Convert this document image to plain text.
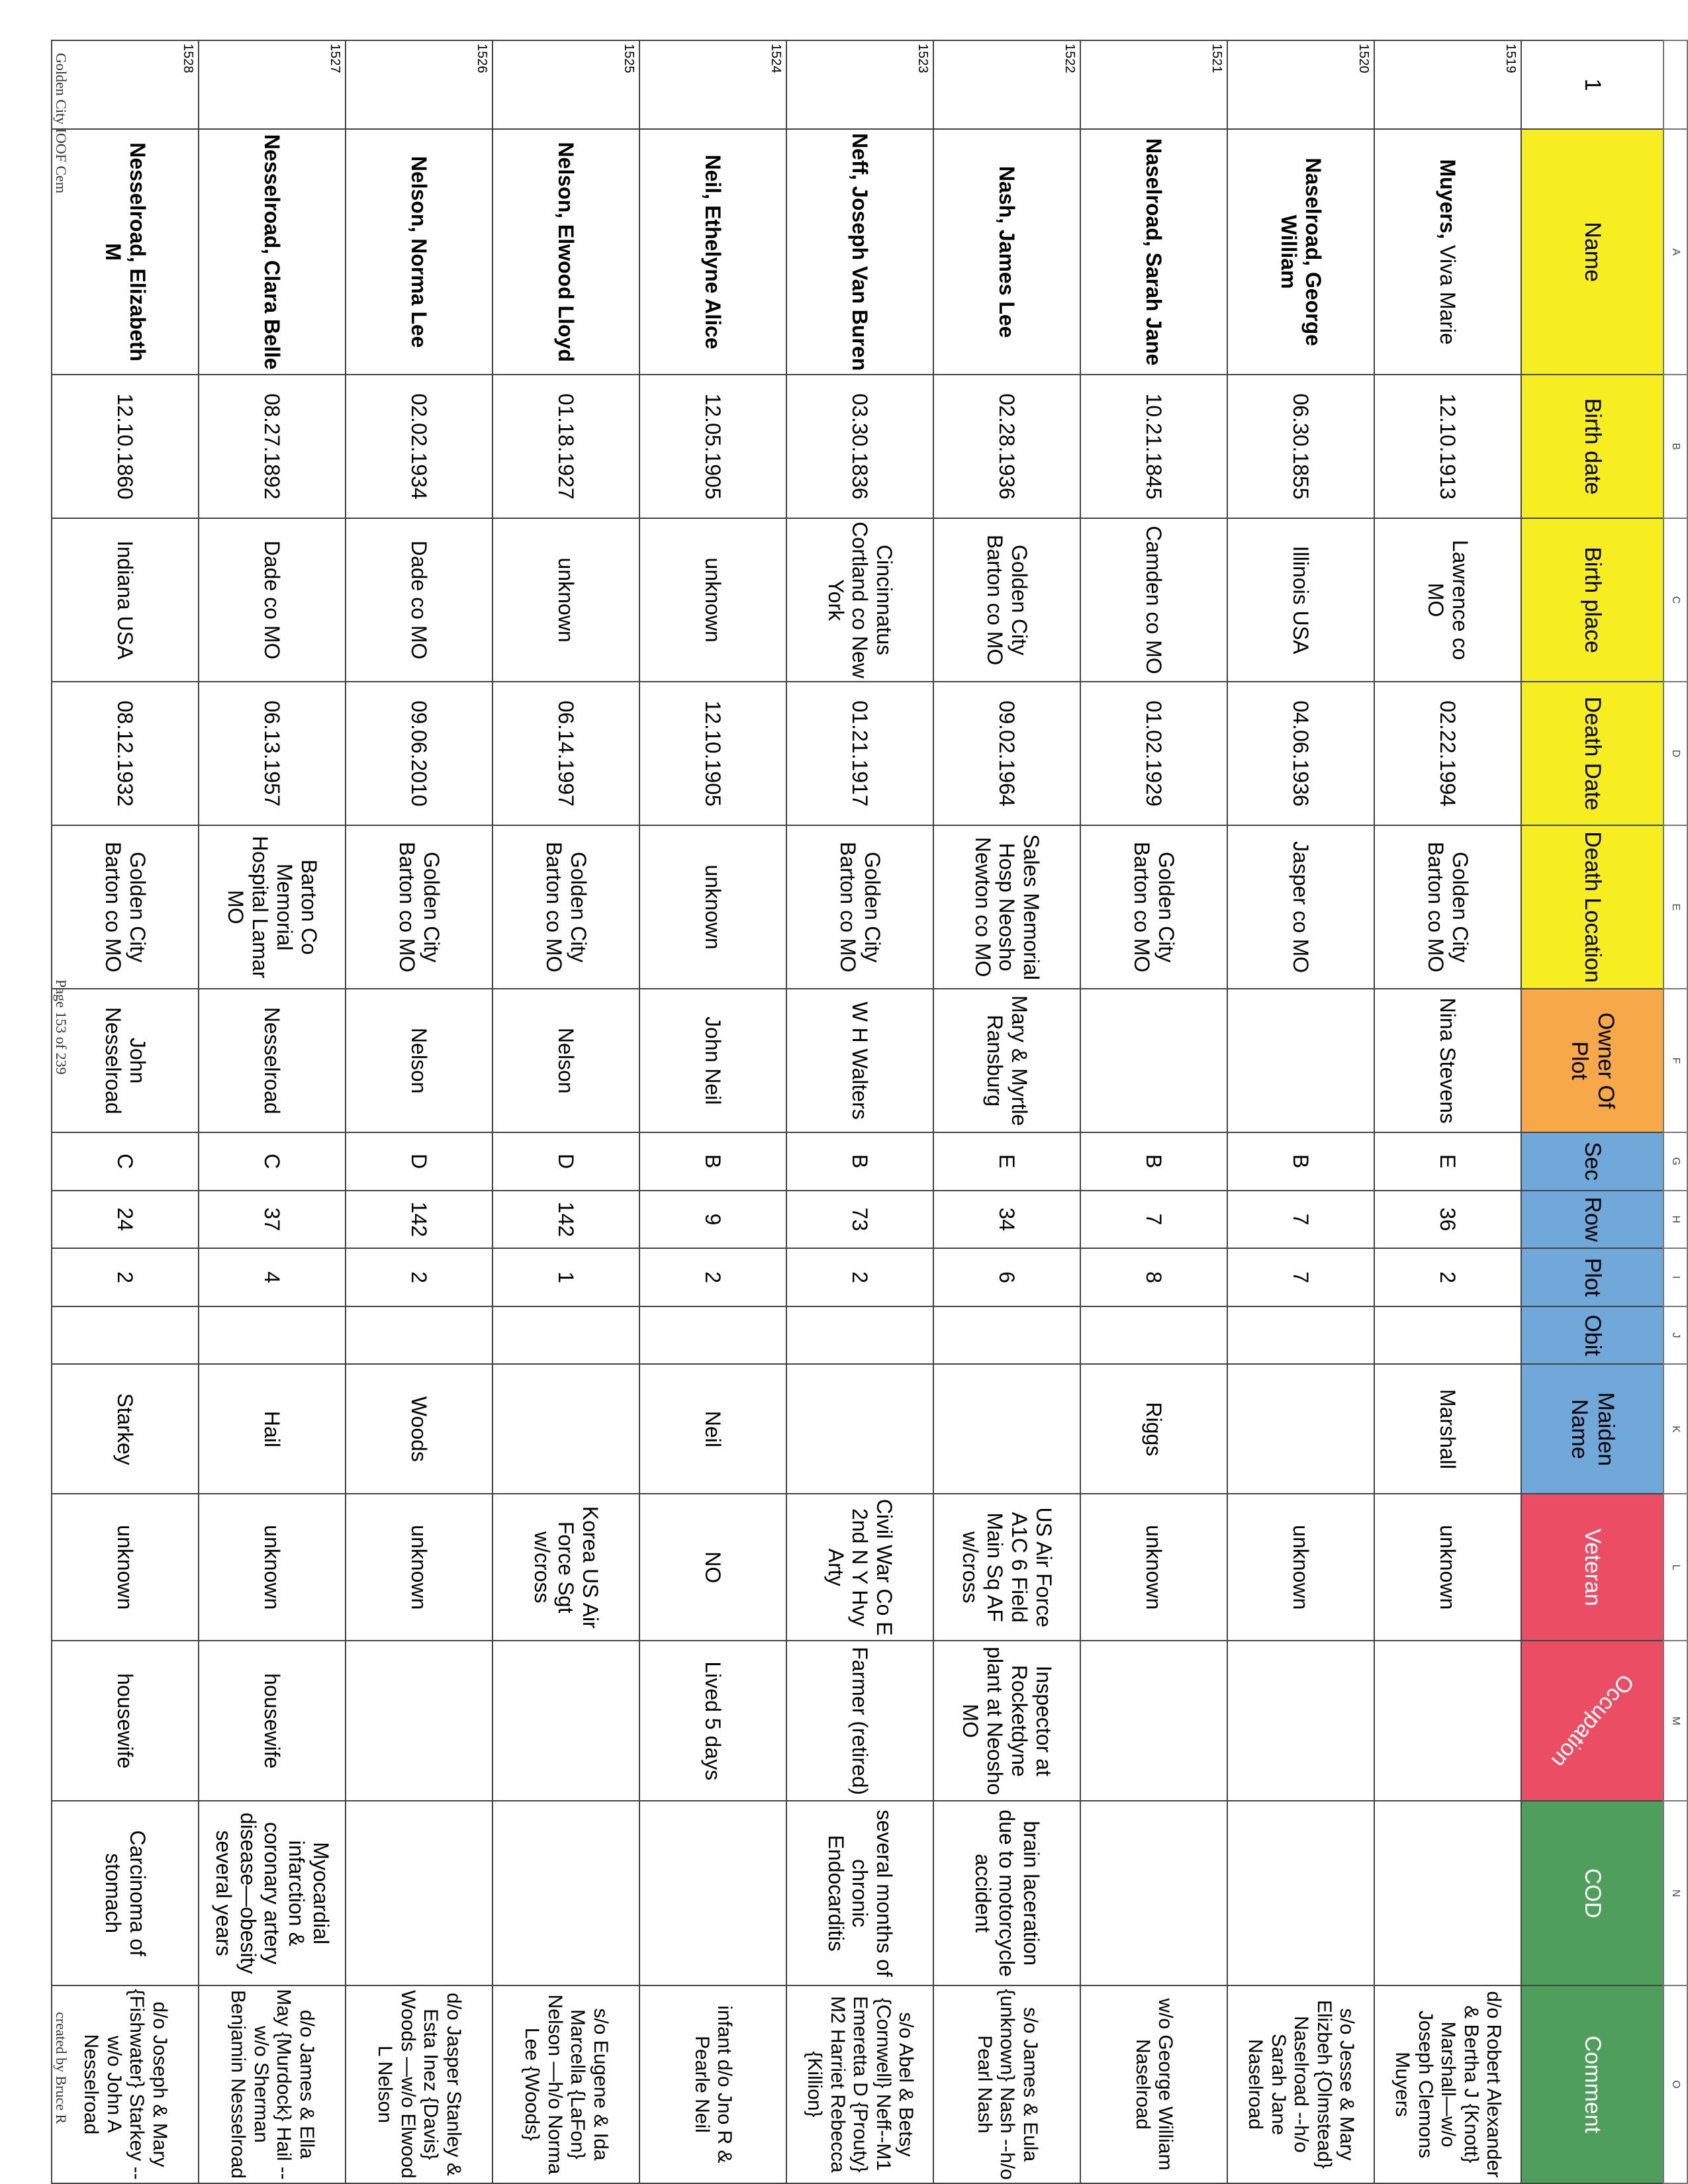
	A	B	C	D	E	F	G	H	I	J	K	L	M	N	O
1	Name	Birth date	Birth place	Death Date	Death Location	Owner Of Plot	Sec	Row	Plot	Obit	Maiden Name	Veteran	Occupation	COD	Comment
1519	Muyers, Viva Marie	12.10.1913	Lawrence co MO	02.22.1994	Golden City Barton co MO	Nina Stevens	E	36	2		Marshall	unknown			d/o Robert Alexander & Bertha J {Knott} Marshall—w/o Joseph Clemons Muyers
1520	Naselroad, George William	06.30.1855	Illinois USA	04.06.1936	Jasper co MO		B	7	7			unknown			s/o Jesse & Mary Elizbeh {Olmstead} Naselroad --h/o Sarah Jane Naselroad
1521	Naselroad, Sarah Jane	10.21.1845	Camden co MO	01.02.1929	Golden City Barton co MO		B	7	8		Riggs	unknown			w/o George William Naselroad
1522	Nash, James Lee	02.28.1936	Golden City Barton co MO	09.02.1964	Sales Memorial Hosp Neosho Newton co MO	Mary & Myrtle Ransburg	E	34	6			US Air Force A1C 6 Field Main Sq AF w/cross	Inspector at Rocketdyne plant at Neosho MO	brain laceration due to motorcycle accident	s/o James & Eula {unknown} Nash --h/o Pearl Nash
1523	Neff, Joseph Van Buren	03.30.1836	Cincinnatus Cortland co New York	01.21.1917	Golden City Barton co MO	W H Walters	B	73	2			Civil War Co E 2nd N Y Hvy Arty	Farmer (retired)	several months of chronic Endocarditis	s/o Abel & Betsy {Cornwell} Neff--M1 Emeretta D {Prouty} M2 Harriet Rebecca {Killion}
1524	Neil, Ethelyne Alice	12.05.1905	unknown	12.10.1905	unknown	John Neil	B	9	2		Neil	NO	Lived 5 days		infant d/o Jno R & Pearle Neil
1525	Nelson, Elwood Lloyd	01.18.1927	unknown	06.14.1997	Golden City Barton co MO	Nelson	D	142	1			Korea US Air Force Sgt w/cross			s/o Eugene & Ida Marcella {LaFon} Nelson —h/o Norma Lee {Woods}
1526	Nelson, Norma Lee	02.02.1934	Dade co MO	09.06.2010	Golden City Barton co MO	Nelson	D	142	2		Woods	unknown			d/o Jasper Stanley & Esta Inez {Davis} Woods —w/o Elwood L Nelson
1527	Nesselroad, Clara Belle	08.27.1892	Dade co MO	06.13.1957	Barton Co Memorial Hospital Lamar MO	Nesselroad	C	37	4		Hail	unknown	housewife	Myocardial infarction & coronary artery disease—obesity several years	d/o James & Ella May {Murdock} Hail --w/o Sherman Benjamin Nesselroad
1528	Nesselroad, Elizabeth M	12.10.1860	Indiana USA	08.12.1932	Golden City Barton co MO	John Nesselroad	C	24	2		Starkey	unknown	housewife	Carcinoma of stomach	d/o Joseph & Mary {Fishwater} Starkey --w/o John A Nesselroad
Golden City IOOF Cem
Page 153 of 239
created by Bruce R
